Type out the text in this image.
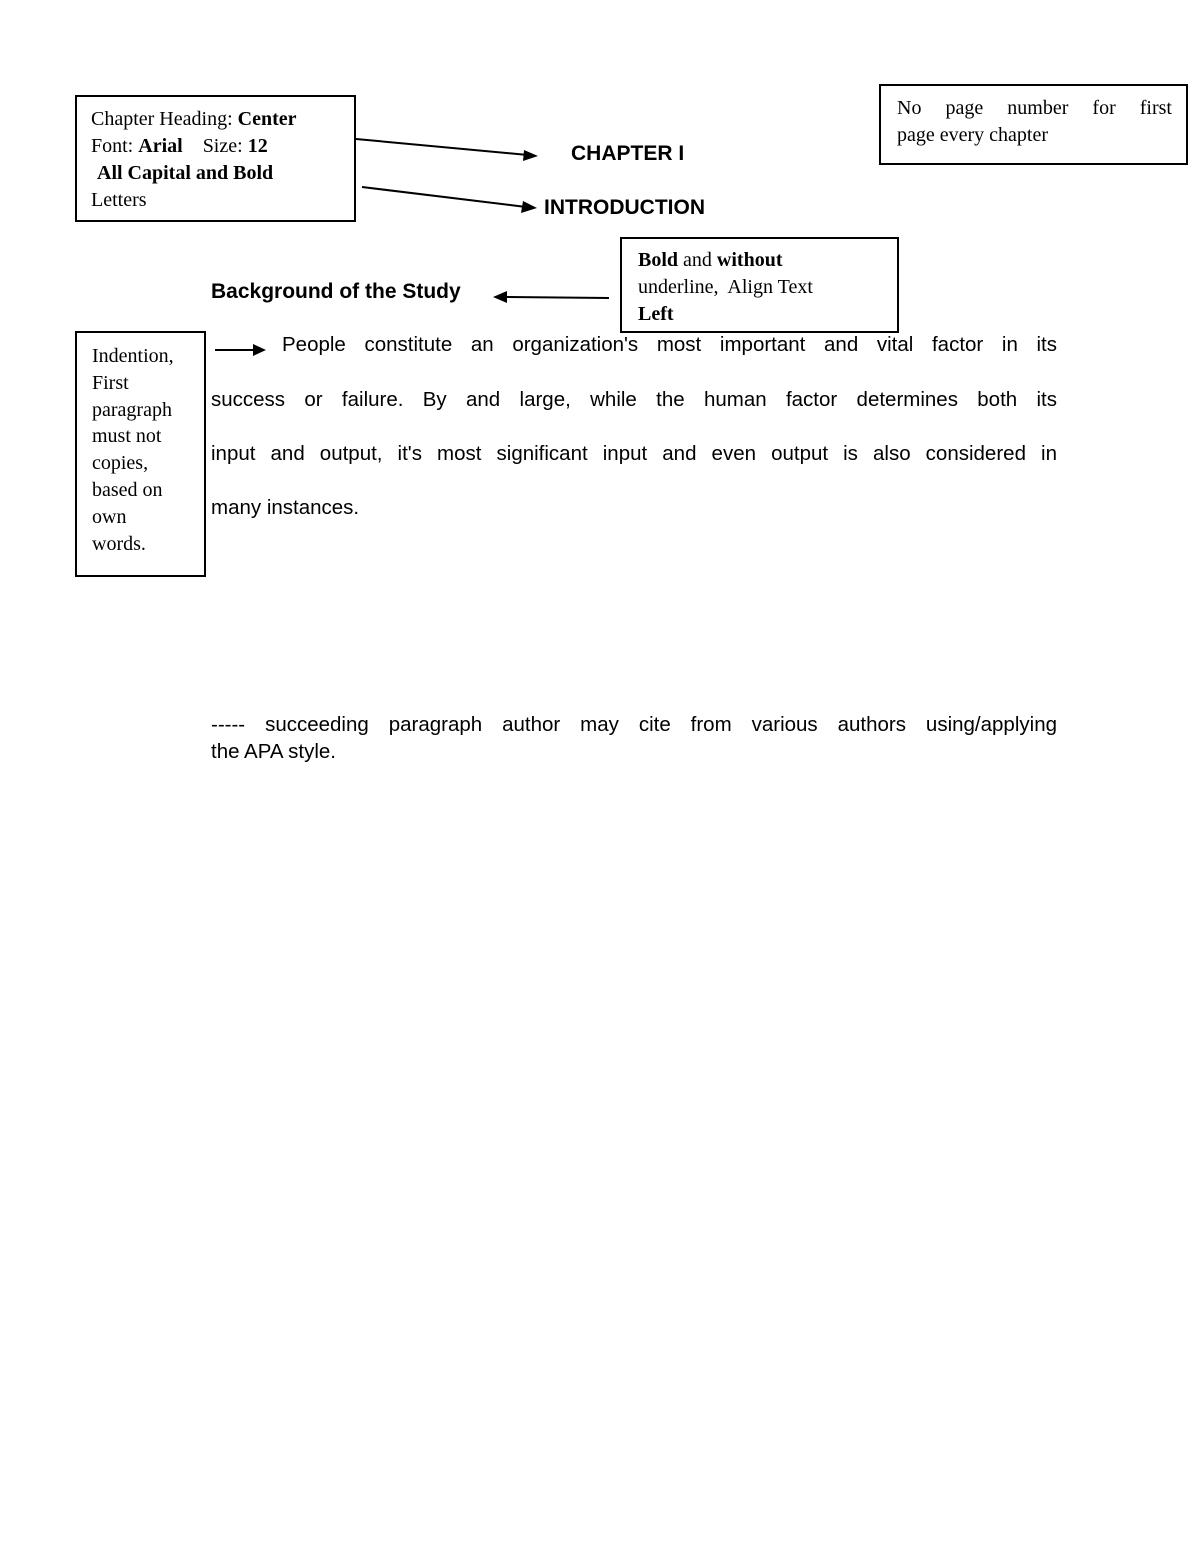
Chapter Heading: Center
Font: Arial Size: 12
All Capital and Bold
Letters
No page number for first
page every chapter
Bold and without
underline,  Align Text
Left
Indention,
First
paragraph
must not
copies,
based on
own
words.
CHAPTER I
INTRODUCTION
Background of the Study
People constitute an organization's most important and vital factor in its
success or failure. By and large, while the human factor determines both its
input and output, it's most significant input and even output is also considered in
many instances.
----- succeeding paragraph author may cite from various authors using/applying
the APA style.
